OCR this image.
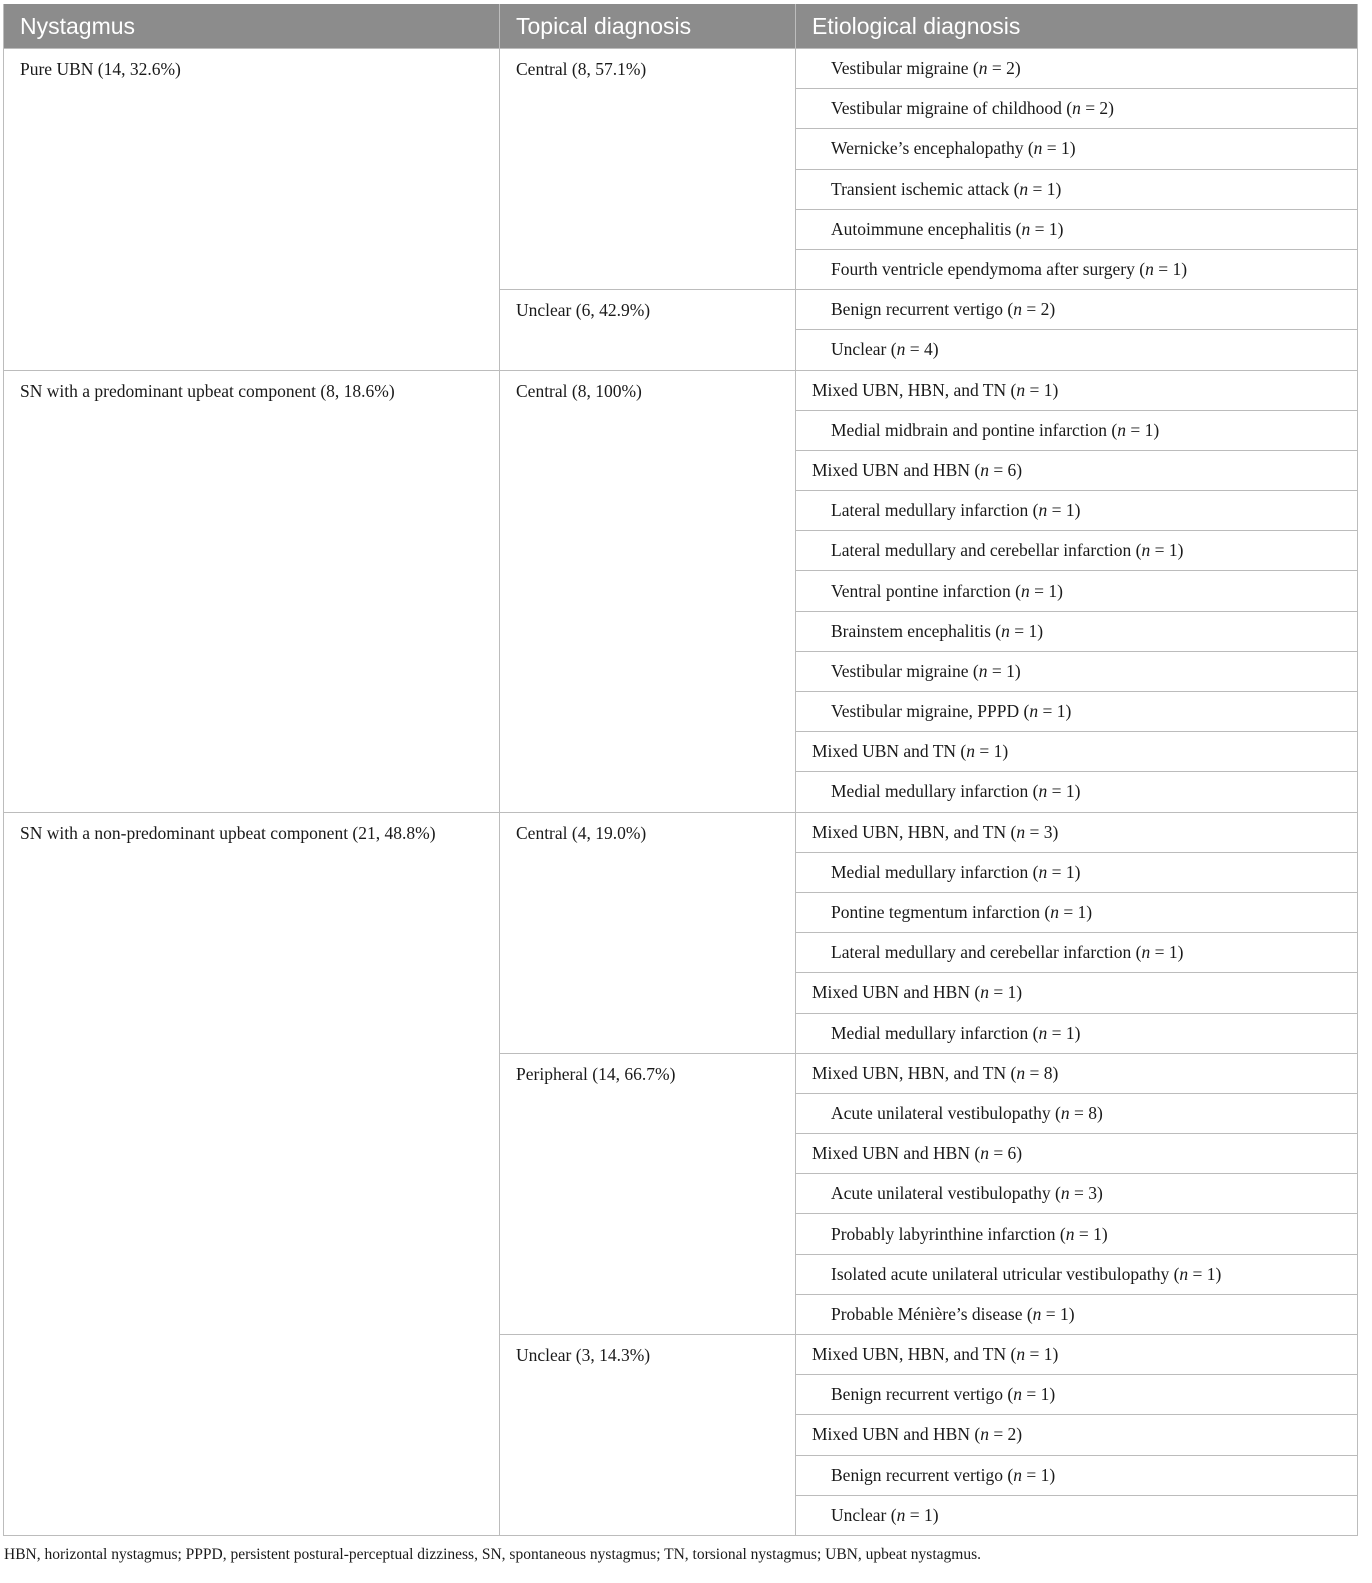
Nystagmus	Topical diagnosis	Etiological diagnosis
Pure UBN (14, 32.6%)	Central (8, 57.1%)	Vestibular migraine (n = 2)
		Vestibular migraine of childhood (n = 2)
		Wernicke’s encephalopathy (n = 1)
		Transient ischemic attack (n = 1)
		Autoimmune encephalitis (n = 1)
		Fourth ventricle ependymoma after surgery (n = 1)
	Unclear (6, 42.9%)	Benign recurrent vertigo (n = 2)
		Unclear (n = 4)
SN with a predominant upbeat component (8, 18.6%)	Central (8, 100%)	Mixed UBN, HBN, and TN (n = 1)
		Medial midbrain and pontine infarction (n = 1)
		Mixed UBN and HBN (n = 6)
		Lateral medullary infarction (n = 1)
		Lateral medullary and cerebellar infarction (n = 1)
		Ventral pontine infarction (n = 1)
		Brainstem encephalitis (n = 1)
		Vestibular migraine (n = 1)
		Vestibular migraine, PPPD (n = 1)
		Mixed UBN and TN (n = 1)
		Medial medullary infarction (n = 1)
SN with a non-predominant upbeat component (21, 48.8%)	Central (4, 19.0%)	Mixed UBN, HBN, and TN (n = 3)
		Medial medullary infarction (n = 1)
		Pontine tegmentum infarction (n = 1)
		Lateral medullary and cerebellar infarction (n = 1)
		Mixed UBN and HBN (n = 1)
		Medial medullary infarction (n = 1)
	Peripheral (14, 66.7%)	Mixed UBN, HBN, and TN (n = 8)
		Acute unilateral vestibulopathy (n = 8)
		Mixed UBN and HBN (n = 6)
		Acute unilateral vestibulopathy (n = 3)
		Probably labyrinthine infarction (n = 1)
		Isolated acute unilateral utricular vestibulopathy (n = 1)
		Probable Ménière’s disease (n = 1)
	Unclear (3, 14.3%)	Mixed UBN, HBN, and TN (n = 1)
		Benign recurrent vertigo (n = 1)
		Mixed UBN and HBN (n = 2)
		Benign recurrent vertigo (n = 1)
		Unclear (n = 1)
HBN, horizontal nystagmus; PPPD, persistent postural-perceptual dizziness, SN, spontaneous nystagmus; TN, torsional nystagmus; UBN, upbeat nystagmus.
